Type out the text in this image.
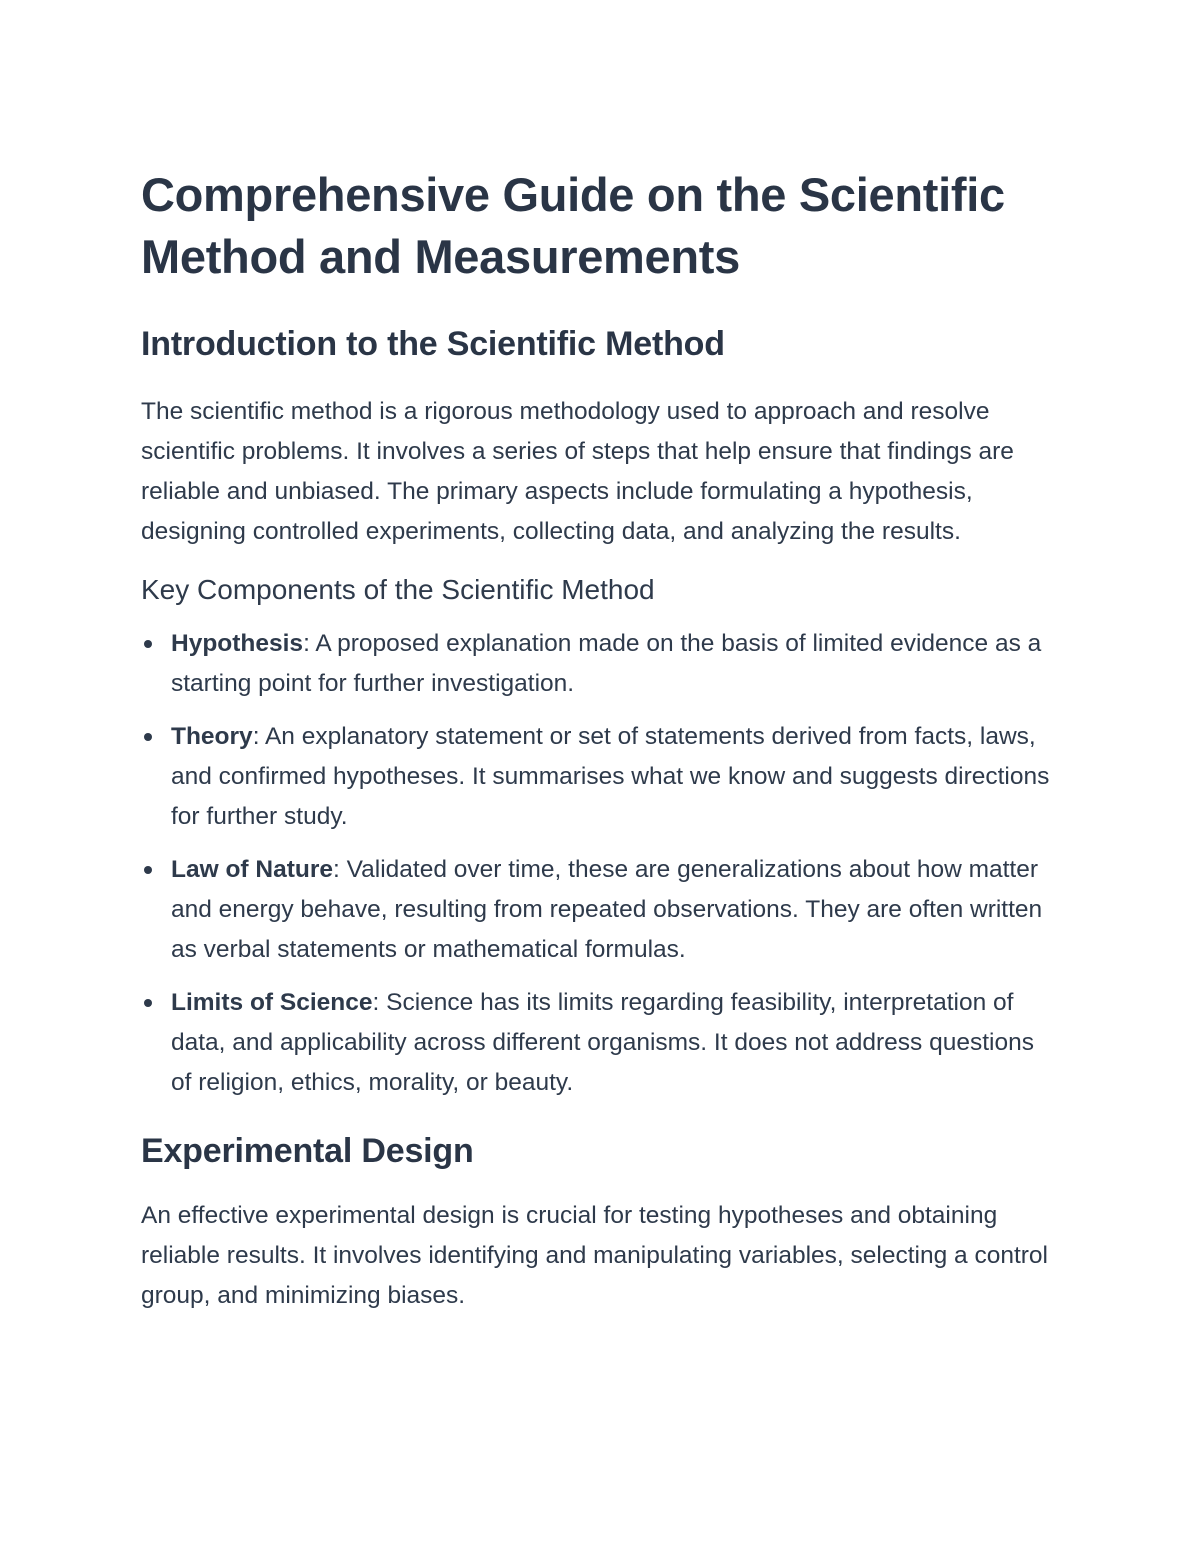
Comprehensive Guide on the Scientific Method and Measurements
Introduction to the Scientific Method

The scientific method is a rigorous methodology used to approach and resolve scientific problems. It involves a series of steps that help ensure that findings are reliable and unbiased. The primary aspects include formulating a hypothesis, designing controlled experiments, collecting data, and analyzing the results.

Key Components of the Scientific Method
Hypothesis: A proposed explanation made on the basis of limited evidence as a starting point for further investigation.
Theory: An explanatory statement or set of statements derived from facts, laws, and confirmed hypotheses. It summarises what we know and suggests directions for further study.
Law of Nature: Validated over time, these are generalizations about how matter and energy behave, resulting from repeated observations. They are often written as verbal statements or mathematical formulas.
Limits of Science: Science has its limits regarding feasibility, interpretation of data, and applicability across different organisms. It does not address questions of religion, ethics, morality, or beauty.
Experimental Design

An effective experimental design is crucial for testing hypotheses and obtaining reliable results. It involves identifying and manipulating variables, selecting a control group, and minimizing biases.
